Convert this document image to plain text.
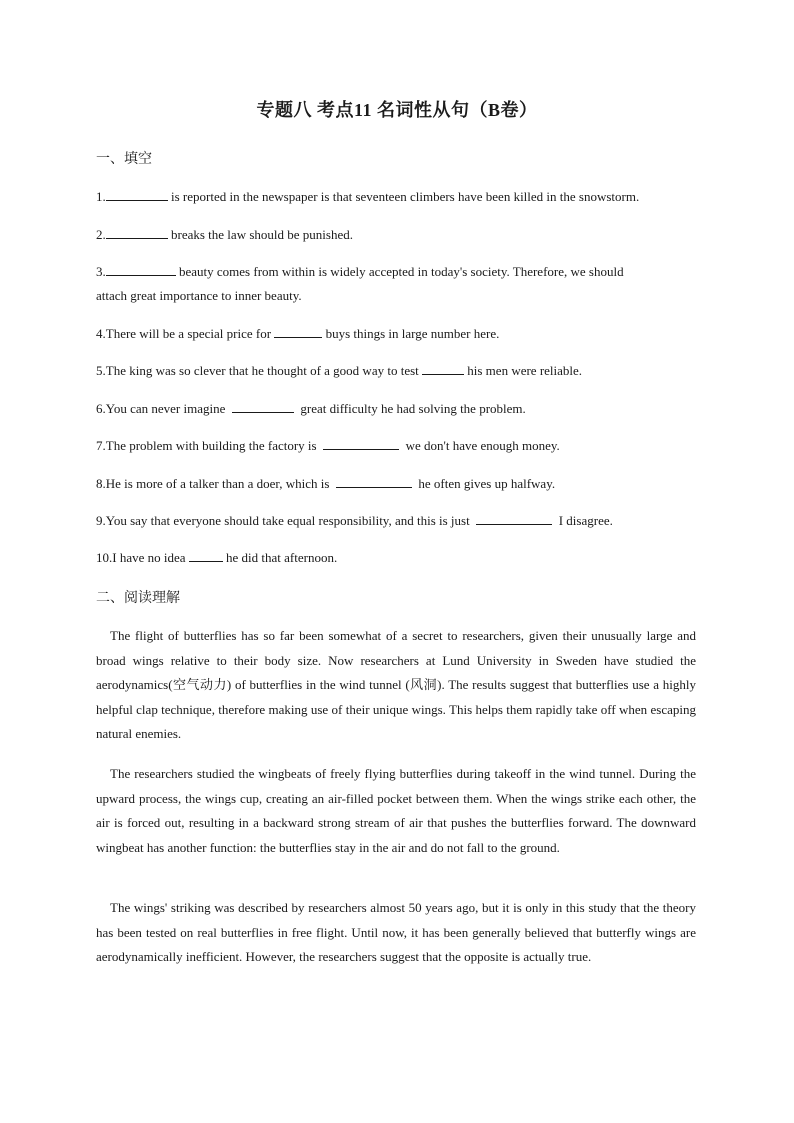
专题八 考点11 名词性从句（B卷）
一、填空
1.	is reported in the newspaper is that seventeen climbers have been killed in the snowstorm.
2.	breaks the law should be punished.
3.	beauty comes from within is widely accepted in today's society. Therefore, we should
attach great importance to inner beauty.
4.There will be a special price for	buys things in large number here.
5.The king was so clever that he thought of a good way to test	his men were reliable.
6.You can never imagine	great difficulty he had solving the problem.
7.The problem with building the factory is	we don't have enough money.
8.He is more of a talker than a doer, which is	he often gives up halfway.
9.You say that everyone should take equal responsibility, and this is just	I disagree.
10.I have no idea	he did that afternoon.
二、阅读理解
The flight of butterflies has so far been somewhat of a secret to researchers, given their unusually large and broad wings relative to their body size. Now researchers at Lund University in Sweden have studied the aerodynamics(空气动力) of butterflies in the wind tunnel (风洞). The results suggest that butterflies use a highly helpful clap technique, therefore making use of their unique wings. This helps them rapidly take off when escaping natural enemies.
The researchers studied the wingbeats of freely flying butterflies during takeoff in the wind tunnel. During the upward process, the wings cup, creating an air-filled pocket between them. When the wings strike each other, the air is forced out, resulting in a backward strong stream of air that pushes the butterflies forward. The downward wingbeat has another function: the butterflies stay in the air and do not fall to the ground.
The wings' striking was described by researchers almost 50 years ago, but it is only in this study that the theory has been tested on real butterflies in free flight. Until now, it has been generally believed that butterfly wings are aerodynamically inefficient. However, the researchers suggest that the opposite is actually true.
